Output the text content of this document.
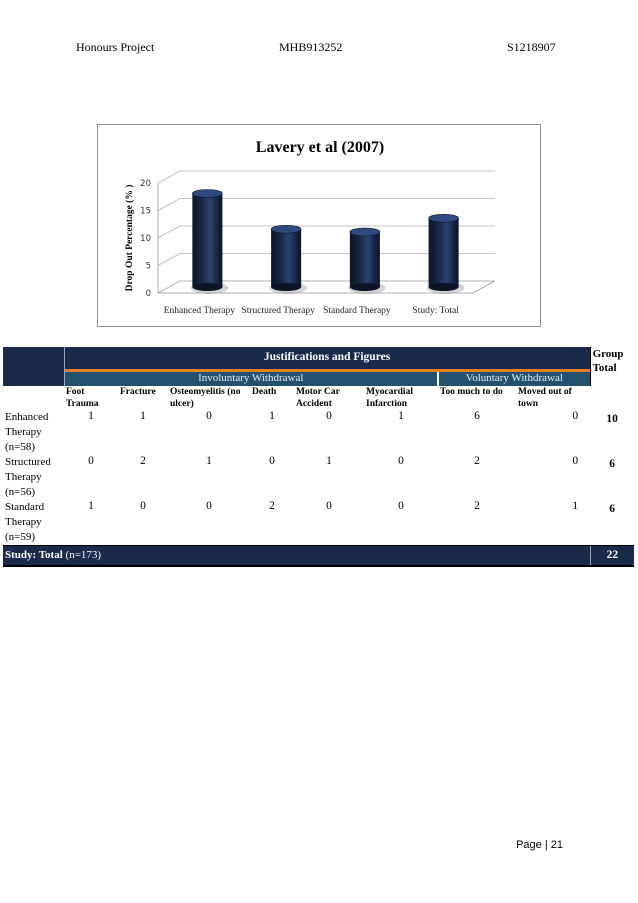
Honours Project	MHB913252	S1218907
Lavery et al (2007)
0
5
10
15
20
Drop Out Percentage (% )
Enhanced Therapy Structured Therapy Standard Therapy Study: Total
	Justifications and Figures								Group Total

	Involuntary Withdrawal						Voluntary Withdrawal		
	Foot Trauma	Fracture	Osteomyelitis (no ulcer)	Death	Motor Car Accident	Myocardial Infarction	Too much to do	Moved out of town	
Enhanced Therapy (n=58)	1	1	0	1	0	1	6	0	10
Structured Therapy (n=56)	0	2	1	0	1	0	2	0	6
Standard Therapy (n=59)	1	0	0	2	0	0	2	1	6
Study: Total (n=173)									22
Page | 21
